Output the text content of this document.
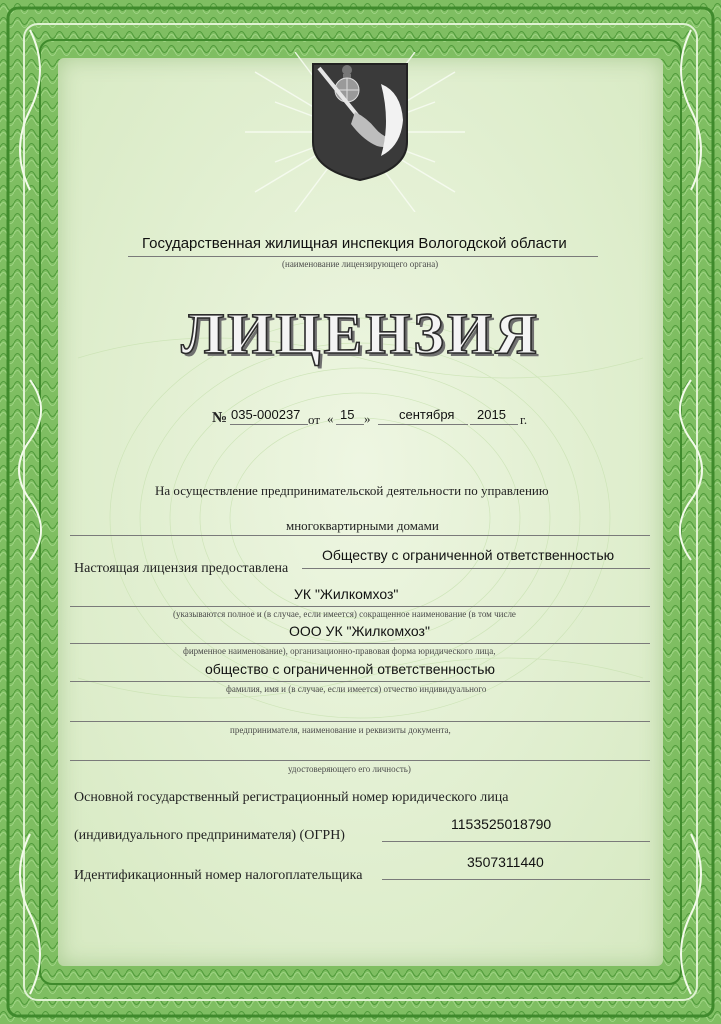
Государственная жилищная инспекция Вологодской области
(наименование лицензирующего органа)
ЛИЦЕНЗИЯ
№ 035-000237 от « 15 » сентября 2015 г.
На осуществление предпринимательской деятельности по управлению
многоквартирными домами
Настоящая лицензия предоставлена
Обществу с ограниченной ответственностью
УК "Жилкомхоз"
(указываются полное и (в случае, если имеется) сокращенное наименование (в том числе
ООО УК "Жилкомхоз"
фирменное наименование), организационно-правовая форма юридического лица,
общество с ограниченной ответственностью
фамилия, имя и (в случае, если имеется) отчество индивидуального
предпринимателя, наименование и реквизиты документа,
удостоверяющего его личность)
Основной государственный регистрационный номер юридического лица
(индивидуального предпринимателя) (ОГРН)
1153525018790
Идентификационный номер налогоплательщика
3507311440
